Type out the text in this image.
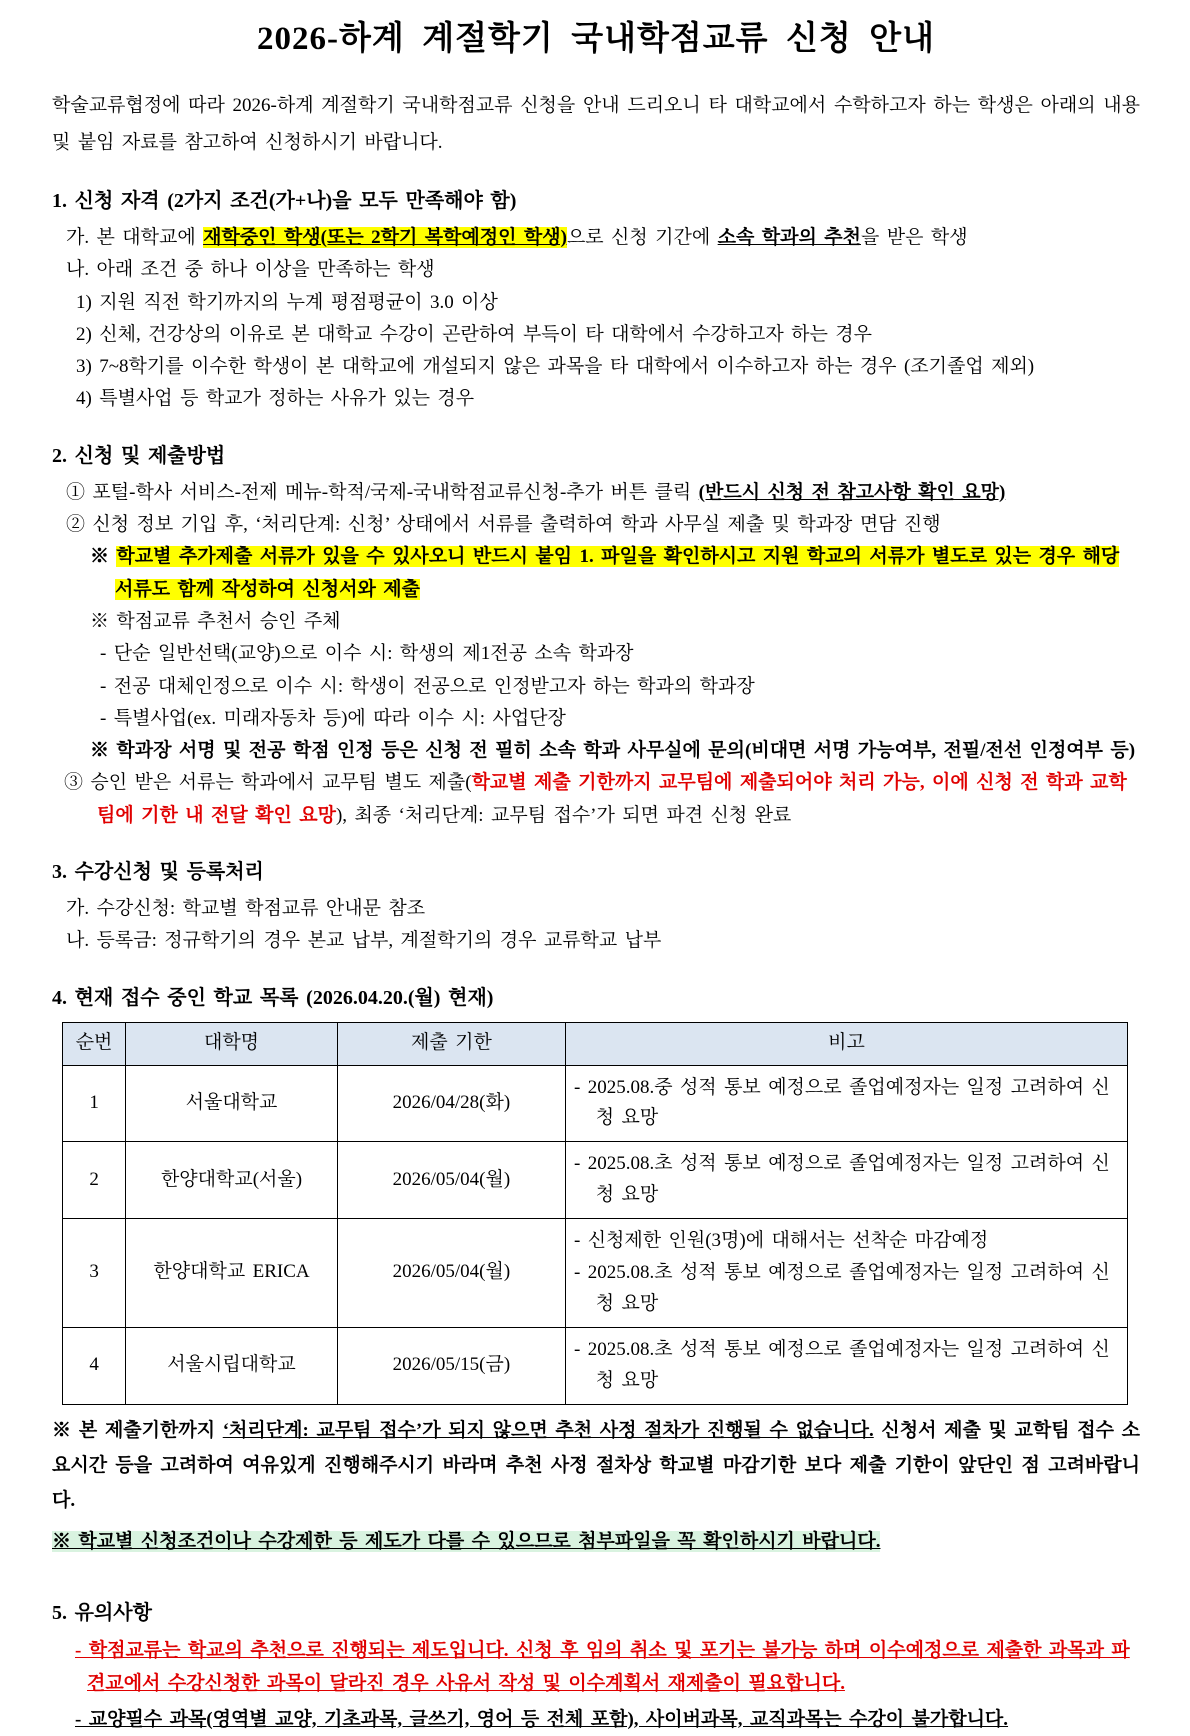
2026-하계 계절학기 국내학점교류 신청 안내

학술교류협정에 따라 2026-하계 계절학기 국내학점교류 신청을 안내 드리오니 타 대학교에서 수학하고자 하는 학생은 아래의 내용 및 붙임 자료를 참고하여 신청하시기 바랍니다.

1. 신청 자격 (2가지 조건(가+나)을 모두 만족해야 함)
가. 본 대학교에 재학중인 학생(또는 2학기 복학예정인 학생)으로 신청 기간에 소속 학과의 추천을 받은 학생
나. 아래 조건 중 하나 이상을 만족하는 학생
1) 지원 직전 학기까지의 누계 평점평균이 3.0 이상
2) 신체, 건강상의 이유로 본 대학교 수강이 곤란하여 부득이 타 대학에서 수강하고자 하는 경우
3) 7~8학기를 이수한 학생이 본 대학교에 개설되지 않은 과목을 타 대학에서 이수하고자 하는 경우 (조기졸업 제외)
4) 특별사업 등 학교가 정하는 사유가 있는 경우
2. 신청 및 제출방법
① 포털-학사 서비스-전제 메뉴-학적/국제-국내학점교류신청-추가 버튼 클릭 (반드시 신청 전 참고사항 확인 요망)
② 신청 정보 기입 후, ‘처리단계: 신청’ 상태에서 서류를 출력하여 학과 사무실 제출 및 학과장 면담 진행
※ 학교별 추가제출 서류가 있을 수 있사오니 반드시 붙임 1. 파일을 확인하시고 지원 학교의 서류가 별도로 있는 경우 해당 서류도 함께 작성하여 신청서와 제출
※ 학점교류 추천서 승인 주체
- 단순 일반선택(교양)으로 이수 시: 학생의 제1전공 소속 학과장
- 전공 대체인정으로 이수 시: 학생이 전공으로 인정받고자 하는 학과의 학과장
- 특별사업(ex. 미래자동차 등)에 따라 이수 시: 사업단장
※ 학과장 서명 및 전공 학점 인정 등은 신청 전 필히 소속 학과 사무실에 문의(비대면 서명 가능여부, 전필/전선 인정여부 등)
③ 승인 받은 서류는 학과에서 교무팀 별도 제출(학교별 제출 기한까지 교무팀에 제출되어야 처리 가능, 이에 신청 전 학과 교학팀에 기한 내 전달 확인 요망), 최종 ‘처리단계: 교무팀 접수’가 되면 파견 신청 완료
3. 수강신청 및 등록처리
가. 수강신청: 학교별 학점교류 안내문 참조
나. 등록금: 정규학기의 경우 본교 납부, 계절학기의 경우 교류학교 납부
4. 현재 접수 중인 학교 목록 (2026.04.20.(월) 현재)
순번	대학명	제출 기한	비고
1	서울대학교	2026/04/28(화)	- 2025.08.중 성적 통보 예정으로 졸업예정자는 일정 고려하여 신청 요망

2	한양대학교(서울)	2026/05/04(월)	- 2025.08.초 성적 통보 예정으로 졸업예정자는 일정 고려하여 신청 요망

3	한양대학교 ERICA	2026/05/04(월)	- 신청제한 인원(3명)에 대해서는 선착순 마감예정
- 2025.08.초 성적 통보 예정으로 졸업예정자는 일정 고려하여 신청 요망

4	서울시립대학교	2026/05/15(금)	- 2025.08.초 성적 통보 예정으로 졸업예정자는 일정 고려하여 신청 요망
※ 본 제출기한까지 ‘처리단계: 교무팀 접수’가 되지 않으면 추천 사정 절차가 진행될 수 없습니다. 신청서 제출 및 교학팀 접수 소요시간 등을 고려하여 여유있게 진행해주시기 바라며 추천 사정 절차상 학교별 마감기한 보다 제출 기한이 앞단인 점 고려바랍니다.
※ 학교별 신청조건이나 수강제한 등 제도가 다를 수 있으므로 첨부파일을 꼭 확인하시기 바랍니다.
5. 유의사항
- 학점교류는 학교의 추천으로 진행되는 제도입니다. 신청 후 임의 취소 및 포기는 불가능 하며 이수예정으로 제출한 과목과 파견교에서 수강신청한 과목이 달라진 경우 사유서 작성 및 이수계획서 재제출이 필요합니다.
- 교양필수 과목(영역별 교양, 기초과목, 글쓰기, 영어 등 전체 포함), 사이버과목, 교직과목는 수강이 불가합니다.
